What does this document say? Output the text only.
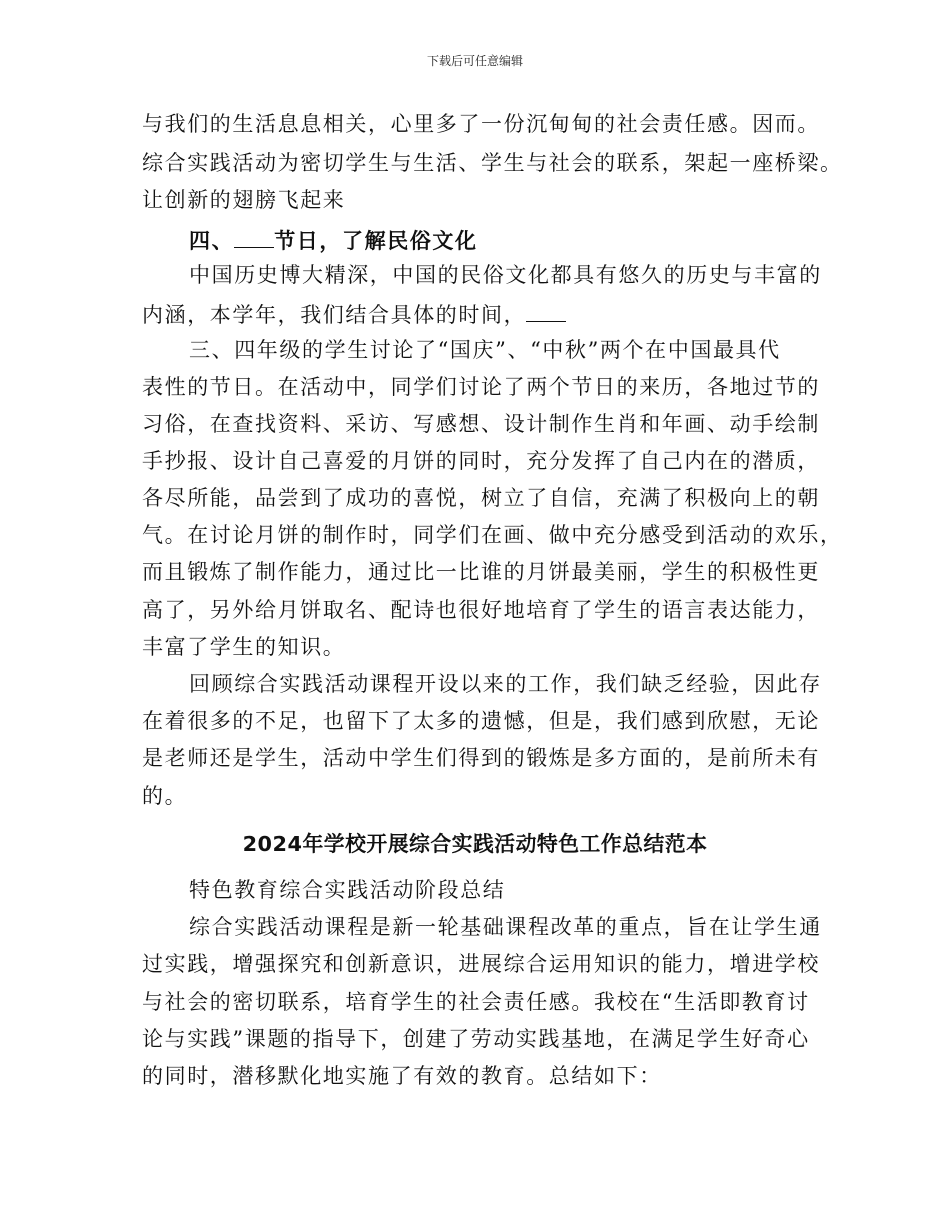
下载后可任意编辑
与我们的生活息息相关，心里多了一份沉甸甸的社会责任感。因而。
综合实践活动为密切学生与生活、学生与社会的联系，架起一座桥梁。
让创新的翅膀飞起来
四、 节日，了解民俗文化
中国历史博大精深，中国的民俗文化都具有悠久的历史与丰富的
内涵，本学年，我们结合具体的时间，
三、四年级的学生讨论了“国庆”、“中秋”两个在中国最具代
表性的节日。在活动中，同学们讨论了两个节日的来历，各地过节的
习俗，在查找资料、采访、写感想、设计制作生肖和年画、动手绘制
手抄报、设计自己喜爱的月饼的同时，充分发挥了自己内在的潜质，
各尽所能，品尝到了成功的喜悦，树立了自信，充满了积极向上的朝
气。在讨论月饼的制作时，同学们在画、做中充分感受到活动的欢乐，
而且锻炼了制作能力，通过比一比谁的月饼最美丽，学生的积极性更
高了，另外给月饼取名、配诗也很好地培育了学生的语言表达能力，
丰富了学生的知识。
回顾综合实践活动课程开设以来的工作，我们缺乏经验，因此存
在着很多的不足，也留下了太多的遗憾，但是，我们感到欣慰，无论
是老师还是学生，活动中学生们得到的锻炼是多方面的，是前所未有
的。
2024年学校开展综合实践活动特色工作总结范本
特色教育综合实践活动阶段总结
综合实践活动课程是新一轮基础课程改革的重点，旨在让学生通
过实践，增强探究和创新意识，进展综合运用知识的能力，增进学校
与社会的密切联系，培育学生的社会责任感。我校在“生活即教育讨
论与实践”课题的指导下，创建了劳动实践基地，在满足学生好奇心
的同时，潜移默化地实施了有效的教育。总结如下：
